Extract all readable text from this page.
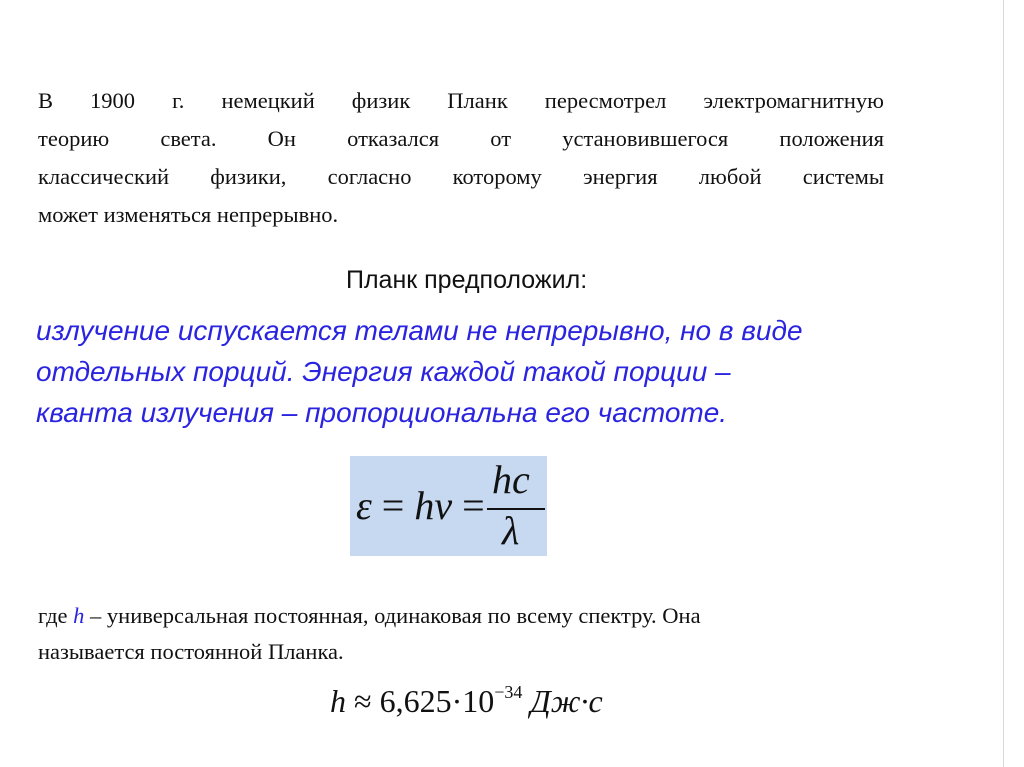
В 1900 г. немецкий физик Планк пересмотрел электромагнитную
теорию света. Он отказался от установившегося положения
классический физики, согласно которому энергия любой системы
может изменяться непрерывно.
Планк предположил:
излучение испускается телами не непрерывно, но в виде
отдельных порций. Энергия каждой такой порции –
кванта излучения – пропорциональна его частоте.
ε = hν =
hc
λ
где h – универсальная постоянная, одинаковая по всему спектру. Она
называется постоянной Планка.
$h \approx 6,625\cdot 10^{-34}$ Дж·с
